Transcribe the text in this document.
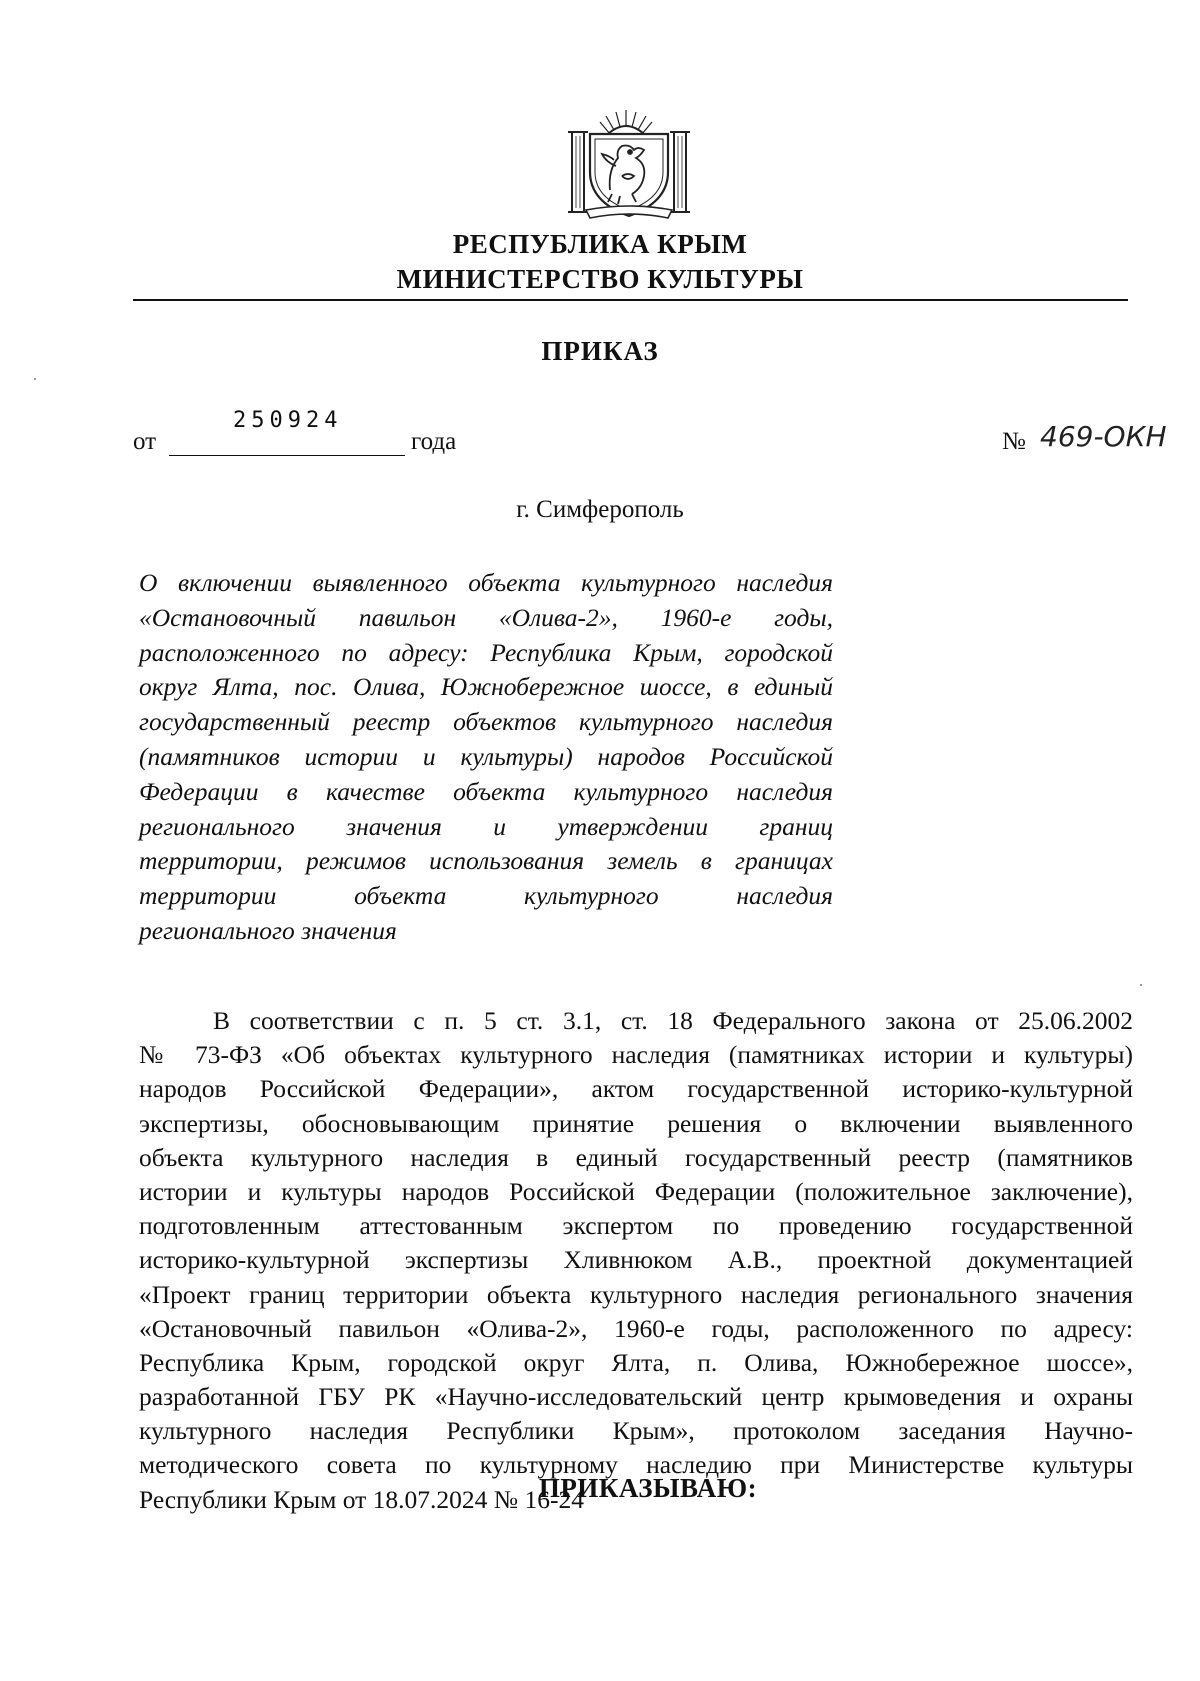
РЕСПУБЛИКА КРЫМ
МИНИСТЕРСТВО КУЛЬТУРЫ
ПРИКАЗ
от
250924
года	№ 469-ОКН
г. Симферополь
О включении выявленного объекта культурного наследия
«Остановочный павильон «Олива-2», 1960-е годы,
расположенного по адресу: Республика Крым, городской
округ Ялта, пос. Олива, Южнобережное шоссе, в единый
государственный реестр объектов культурного наследия
(памятников истории и культуры) народов Российской
Федерации в качестве объекта культурного наследия
регионального значения и утверждении границ
территории, режимов использования земель в границах
территории объекта культурного наследия
регионального значения
В соответствии с п. 5 ст. 3.1, ст. 18 Федерального закона от 25.06.2002
№ 73-ФЗ «Об объектах культурного наследия (памятниках истории и культуры)
народов Российской Федерации», актом государственной историко-культурной
экспертизы, обосновывающим принятие решения о включении выявленного
объекта культурного наследия в единый государственный реестр (памятников
истории и культуры народов Российской Федерации (положительное заключение),
подготовленным аттестованным экспертом по проведению государственной
историко-культурной экспертизы Хливнюком А.В., проектной документацией
«Проект границ территории объекта культурного наследия регионального значения
«Остановочный павильон «Олива-2», 1960-е годы, расположенного по адресу:
Республика Крым, городской округ Ялта, п. Олива, Южнобережное шоссе»,
разработанной ГБУ РК «Научно-исследовательский центр крымоведения и охраны
культурного наследия Республики Крым», протоколом заседания Научно-
методического совета по культурному наследию при Министерстве культуры
Республики Крым от 18.07.2024 № 16-24
ПРИКАЗЫВАЮ:
